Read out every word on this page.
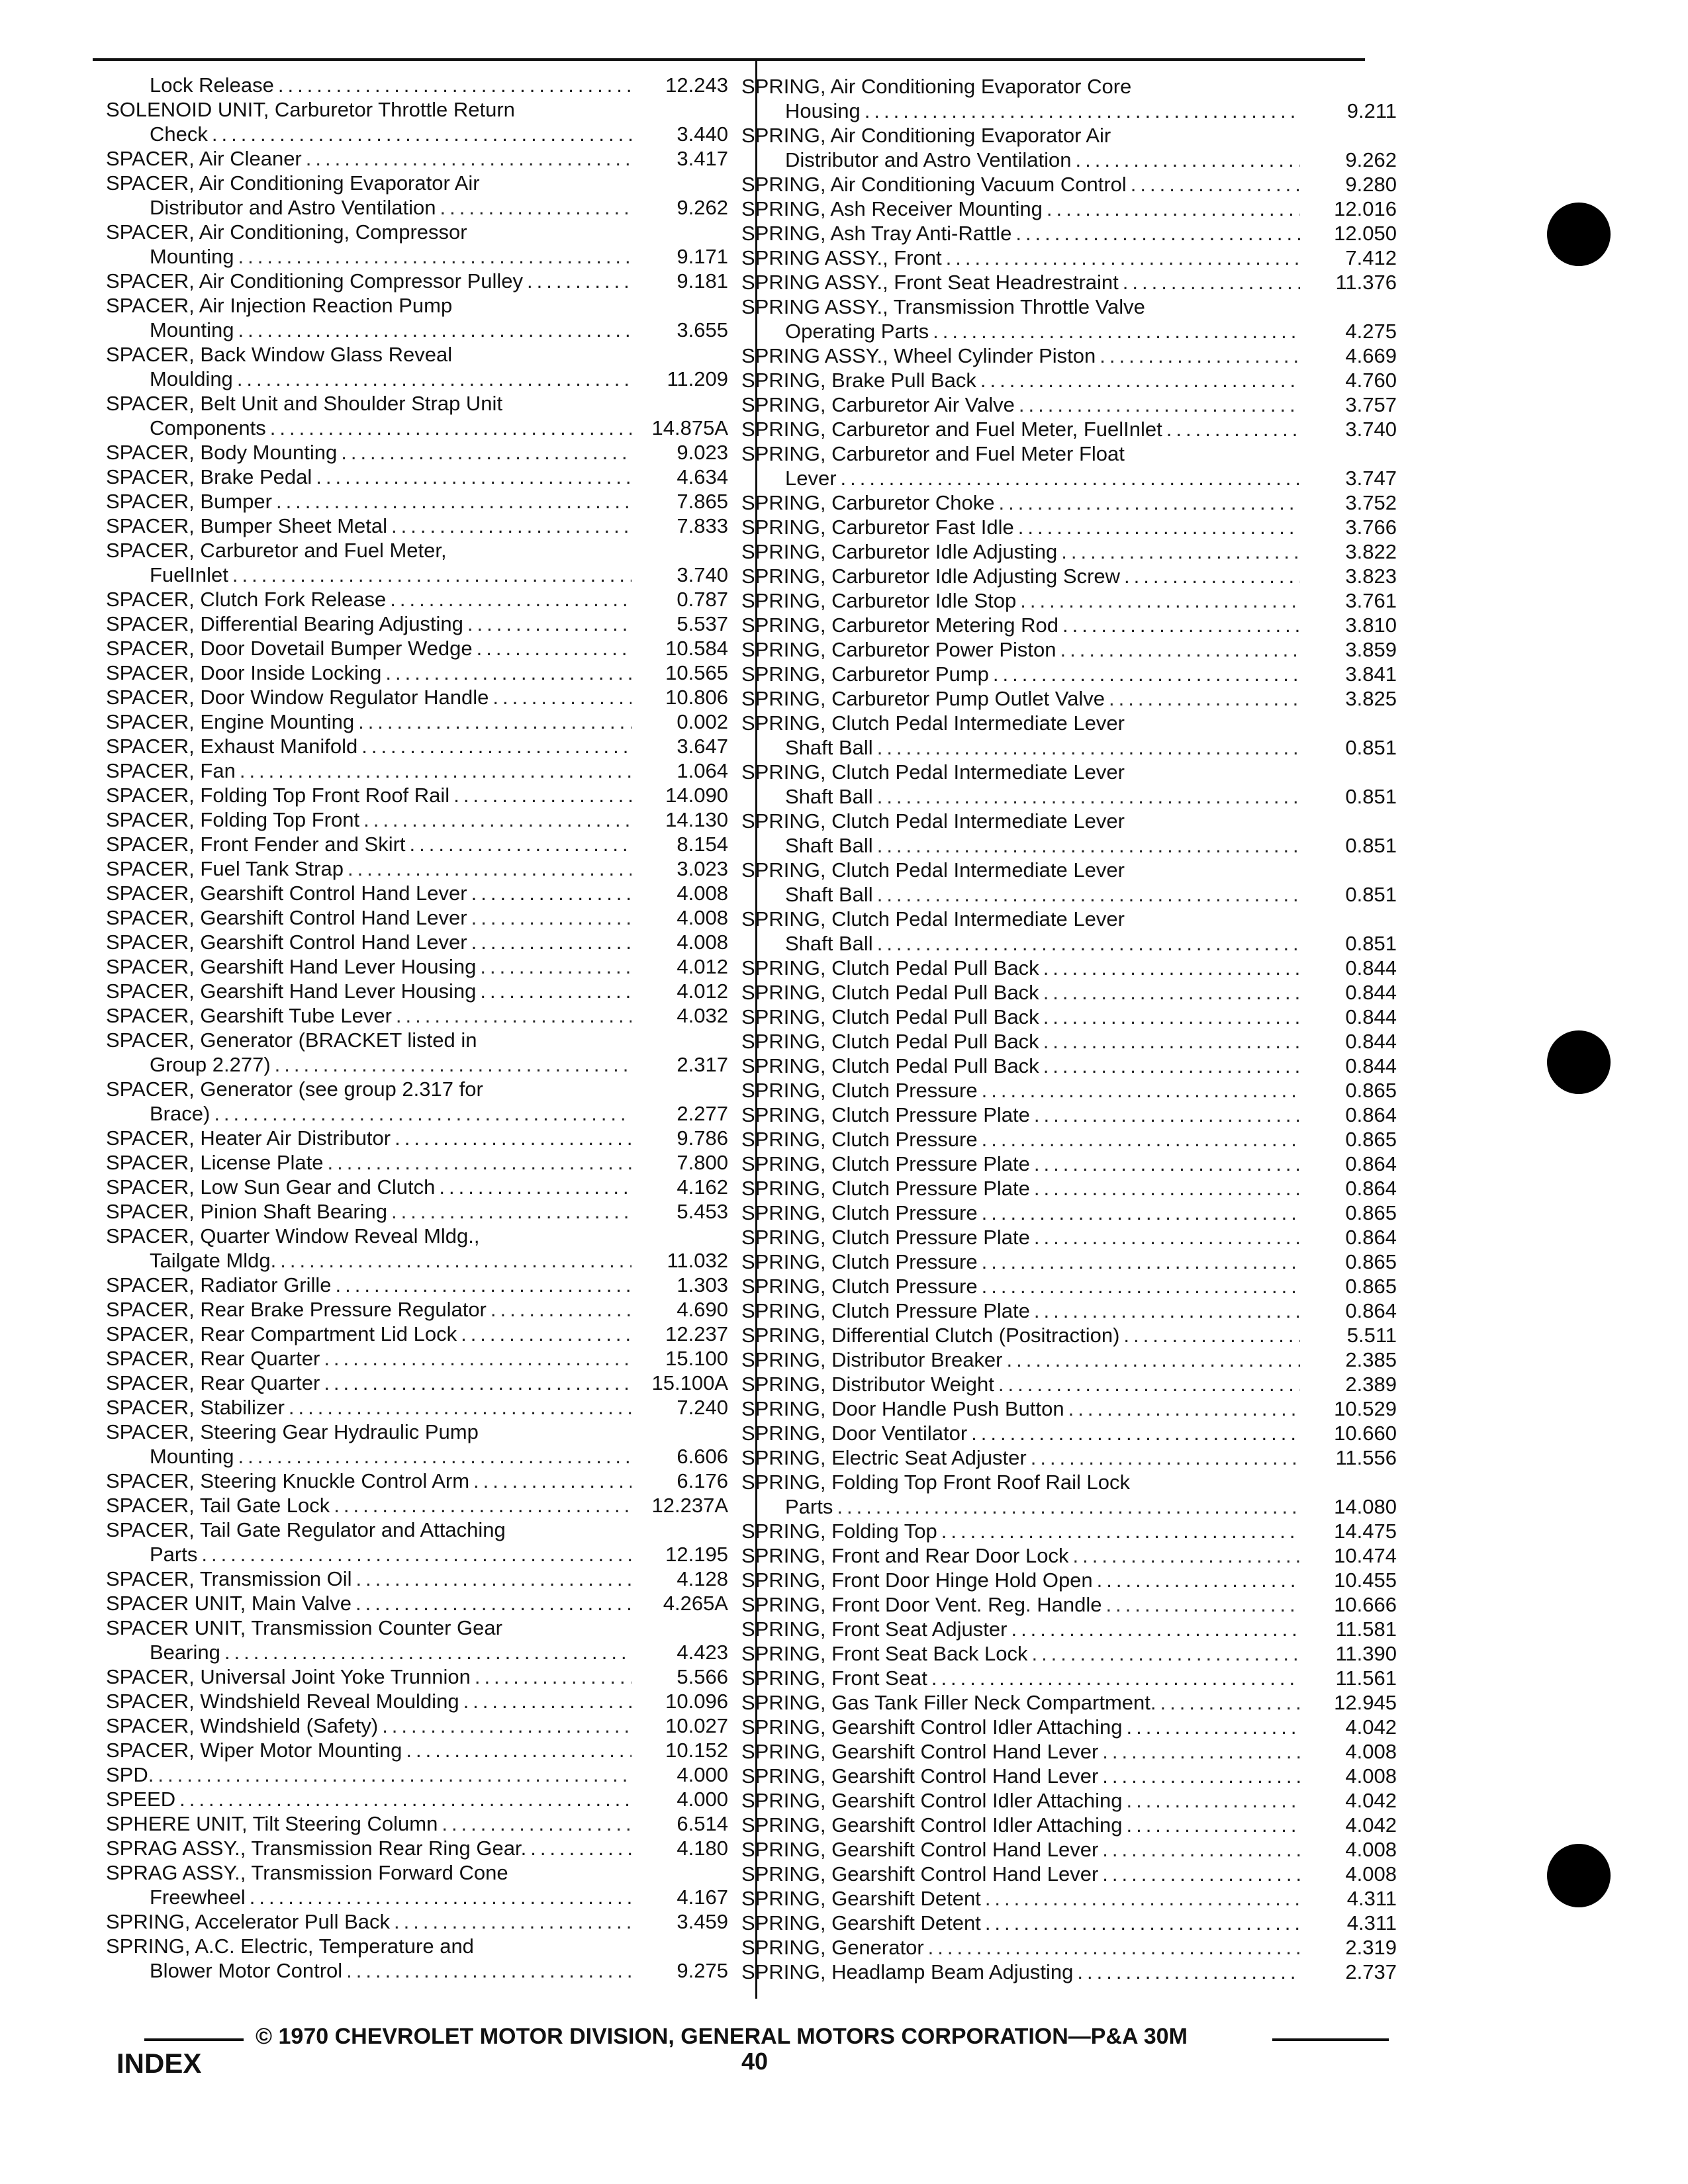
Lock Release .....	12.243
SOLENOID UNIT, Carburetor Throttle Return
Check .....	3.440
SPACER, Air Cleaner .....	3.417
SPACER, Air Conditioning Evaporator Air
Distributor and Astro Ventilation .....	9.262
SPACER, Air Conditioning, Compressor
Mounting .....	9.171
SPACER, Air Conditioning Compressor Pulley .....	9.181
SPACER, Air Injection Reaction Pump
Mounting .....	3.655
SPACER, Back Window Glass Reveal
Moulding .....	11.209
SPACER, Belt Unit and Shoulder Strap Unit
Components .....	14.875A
SPACER, Body Mounting .....	9.023
SPACER, Brake Pedal .....	4.634
SPACER, Bumper .....	7.865
SPACER, Bumper Sheet Metal .....	7.833
SPACER, Carburetor and Fuel Meter,
FuelInlet .....	3.740
SPACER, Clutch Fork Release .....	0.787
SPACER, Differential Bearing Adjusting .....	5.537
SPACER, Door Dovetail Bumper Wedge .....	10.584
SPACER, Door Inside Locking .....	10.565
SPACER, Door Window Regulator Handle .....	10.806
SPACER, Engine Mounting .....	0.002
SPACER, Exhaust Manifold .....	3.647
SPACER, Fan .....	1.064
SPACER, Folding Top Front Roof Rail .....	14.090
SPACER, Folding Top Front .....	14.130
SPACER, Front Fender and Skirt .....	8.154
SPACER, Fuel Tank Strap .....	3.023
SPACER, Gearshift Control Hand Lever .....	4.008
SPACER, Gearshift Control Hand Lever .....	4.008
SPACER, Gearshift Control Hand Lever .....	4.008
SPACER, Gearshift Hand Lever Housing .....	4.012
SPACER, Gearshift Hand Lever Housing .....	4.012
SPACER, Gearshift Tube Lever .....	4.032
SPACER, Generator (BRACKET listed in
Group 2.277) .....	2.317
SPACER, Generator (see group 2.317 for
Brace) .....	2.277
SPACER, Heater Air Distributor .....	9.786
SPACER, License Plate .....	7.800
SPACER, Low Sun Gear and Clutch .....	4.162
SPACER, Pinion Shaft Bearing .....	5.453
SPACER, Quarter Window Reveal Mldg.,
Tailgate Mldg. .....	11.032
SPACER, Radiator Grille .....	1.303
SPACER, Rear Brake Pressure Regulator .....	4.690
SPACER, Rear Compartment Lid Lock .....	12.237
SPACER, Rear Quarter .....	15.100
SPACER, Rear Quarter .....	15.100A
SPACER, Stabilizer .....	7.240
SPACER, Steering Gear Hydraulic Pump
Mounting .....	6.606
SPACER, Steering Knuckle Control Arm .....	6.176
SPACER, Tail Gate Lock .....	12.237A
SPACER, Tail Gate Regulator and Attaching
Parts .....	12.195
SPACER, Transmission Oil .....	4.128
SPACER UNIT, Main Valve .....	4.265A
SPACER UNIT, Transmission Counter Gear
Bearing .....	4.423
SPACER, Universal Joint Yoke Trunnion .....	5.566
SPACER, Windshield Reveal Moulding .....	10.096
SPACER, Windshield (Safety) .....	10.027
SPACER, Wiper Motor Mounting .....	10.152
SPD. .....	4.000
SPEED .....	4.000
SPHERE UNIT, Tilt Steering Column .....	6.514
SPRAG ASSY., Transmission Rear Ring Gear. .....	4.180
SPRAG ASSY., Transmission Forward Cone
Freewheel .....	4.167
SPRING, Accelerator Pull Back .....	3.459
SPRING, A.C. Electric, Temperature and
Blower Motor Control .....	9.275
SPRING, Air Conditioning Evaporator Core
Housing .....	9.211
SPRING, Air Conditioning Evaporator Air
Distributor and Astro Ventilation .....	9.262
SPRING, Air Conditioning Vacuum Control .....	9.280
SPRING, Ash Receiver Mounting .....	12.016
SPRING, Ash Tray Anti-Rattle .....	12.050
SPRING ASSY., Front .....	7.412
SPRING ASSY., Front Seat Headrestraint .....	11.376
SPRING ASSY., Transmission Throttle Valve
Operating Parts .....	4.275
SPRING ASSY., Wheel Cylinder Piston .....	4.669
SPRING, Brake Pull Back .....	4.760
SPRING, Carburetor Air Valve .....	3.757
SPRING, Carburetor and Fuel Meter, FuelInlet .....	3.740
SPRING, Carburetor and Fuel Meter Float
Lever .....	3.747
SPRING, Carburetor Choke .....	3.752
SPRING, Carburetor Fast Idle .....	3.766
SPRING, Carburetor Idle Adjusting .....	3.822
SPRING, Carburetor Idle Adjusting Screw .....	3.823
SPRING, Carburetor Idle Stop .....	3.761
SPRING, Carburetor Metering Rod .....	3.810
SPRING, Carburetor Power Piston .....	3.859
SPRING, Carburetor Pump .....	3.841
SPRING, Carburetor Pump Outlet Valve .....	3.825
SPRING, Clutch Pedal Intermediate Lever
Shaft Ball .....	0.851
SPRING, Clutch Pedal Intermediate Lever
Shaft Ball .....	0.851
SPRING, Clutch Pedal Intermediate Lever
Shaft Ball .....	0.851
SPRING, Clutch Pedal Intermediate Lever
Shaft Ball .....	0.851
SPRING, Clutch Pedal Intermediate Lever
Shaft Ball .....	0.851
SPRING, Clutch Pedal Pull Back .....	0.844
SPRING, Clutch Pedal Pull Back .....	0.844
SPRING, Clutch Pedal Pull Back .....	0.844
SPRING, Clutch Pedal Pull Back .....	0.844
SPRING, Clutch Pedal Pull Back .....	0.844
SPRING, Clutch Pressure .....	0.865
SPRING, Clutch Pressure Plate .....	0.864
SPRING, Clutch Pressure .....	0.865
SPRING, Clutch Pressure Plate .....	0.864
SPRING, Clutch Pressure Plate .....	0.864
SPRING, Clutch Pressure .....	0.865
SPRING, Clutch Pressure Plate .....	0.864
SPRING, Clutch Pressure .....	0.865
SPRING, Clutch Pressure .....	0.865
SPRING, Clutch Pressure Plate .....	0.864
SPRING, Differential Clutch (Positraction) .....	5.511
SPRING, Distributor Breaker .....	2.385
SPRING, Distributor Weight .....	2.389
SPRING, Door Handle Push Button .....	10.529
SPRING, Door Ventilator .....	10.660
SPRING, Electric Seat Adjuster .....	11.556
SPRING, Folding Top Front Roof Rail Lock
Parts .....	14.080
SPRING, Folding Top .....	14.475
SPRING, Front and Rear Door Lock .....	10.474
SPRING, Front Door Hinge Hold Open .....	10.455
SPRING, Front Door Vent. Reg. Handle .....	10.666
SPRING, Front Seat Adjuster .....	11.581
SPRING, Front Seat Back Lock .....	11.390
SPRING, Front Seat .....	11.561
SPRING, Gas Tank Filler Neck Compartment. .....	12.945
SPRING, Gearshift Control Idler Attaching .....	4.042
SPRING, Gearshift Control Hand Lever .....	4.008
SPRING, Gearshift Control Hand Lever .....	4.008
SPRING, Gearshift Control Idler Attaching .....	4.042
SPRING, Gearshift Control Idler Attaching .....	4.042
SPRING, Gearshift Control Hand Lever .....	4.008
SPRING, Gearshift Control Hand Lever .....	4.008
SPRING, Gearshift Detent .....	4.311
SPRING, Gearshift Detent .....	4.311
SPRING, Generator .....	2.319
SPRING, Headlamp Beam Adjusting .....	2.737
© 1970 CHEVROLET MOTOR DIVISION, GENERAL MOTORS CORPORATION—P&A 30M
INDEX	40
